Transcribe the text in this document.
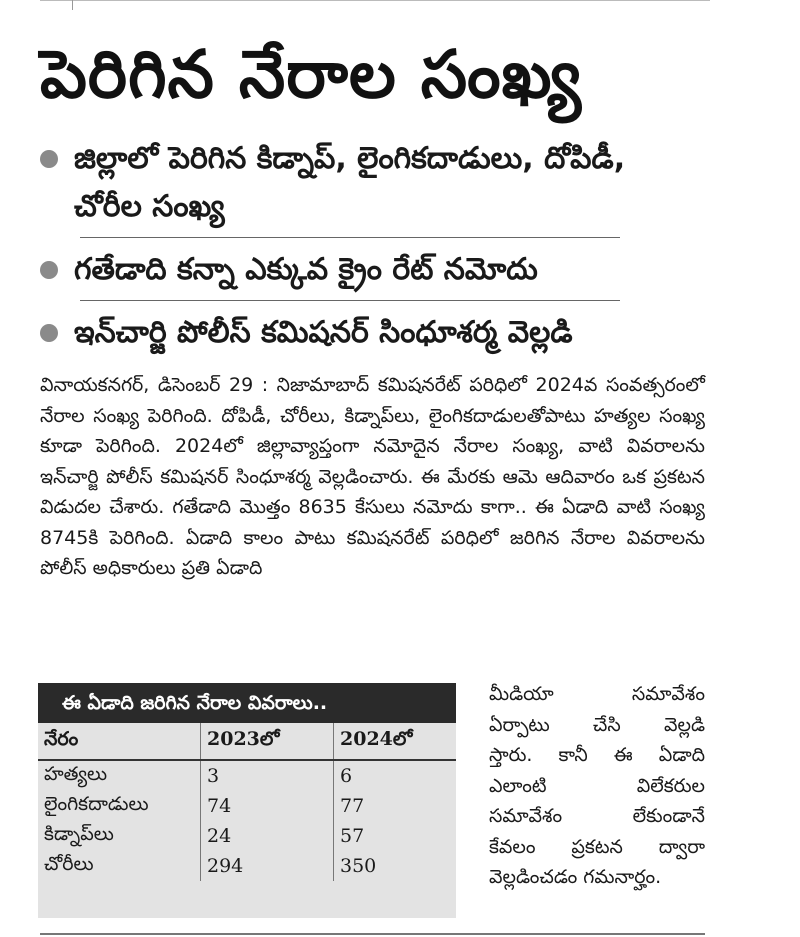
పెరిగిన నేరాల సంఖ్య
జిల్లాలో పెరిగిన కిడ్నాప్, లైంగికదాడులు, దోపిడీ, చోరీల సంఖ్య
గతేడాది కన్నా ఎక్కువ క్రైం రేట్ నమోదు
ఇన్‌చార్జి పోలీస్ కమిషనర్ సింధూశర్మ వెల్లడి
వినాయకనగర్, డిసెంబర్ 29 : నిజామాబాద్ కమిషనరేట్ పరిధిలో 2024వ సంవత్సరంలో నేరాల సంఖ్య పెరిగింది. దోపిడీ, చోరీలు, కిడ్నాప్‌లు, లైంగికదాడులతోపాటు హత్యల సంఖ్య కూడా పెరిగింది. 2024లో జిల్లావ్యాప్తంగా నమోదైన నేరాల సంఖ్య, వాటి వివరాలను ఇన్‌చార్జి పోలీస్ కమిషనర్ సింధూశర్మ వెల్లడించారు. ఈ మేరకు ఆమె ఆదివారం ఒక ప్రకటన విడుదల చేశారు. గతేడాది మొత్తం 8635 కేసులు నమోదు కాగా.. ఈ ఏడాది వాటి సంఖ్య 8745కి పెరిగింది. ఏడాది కాలం పాటు కమిషనరేట్ పరిధిలో జరిగిన నేరాల వివరాలను పోలీస్ అధికారులు ప్రతి ఏడాది
ఈ ఏడాది జరిగిన నేరాల వివరాలు..
నేరం	2023లో	2024లో
హత్యలు	3	6
లైంగికదాడులు	74	77
కిడ్నాప్‌లు	24	57
చోరీలు	294	350
మీడియా సమావేశం
ఏర్పాటు చేసి వెల్లడి
స్తారు. కానీ ఈ ఏడాది
ఎలాంటి విలేకరుల
సమావేశం లేకుండానే
కేవలం ప్రకటన ద్వారా
వెల్లడించడం గమనార్హం.
